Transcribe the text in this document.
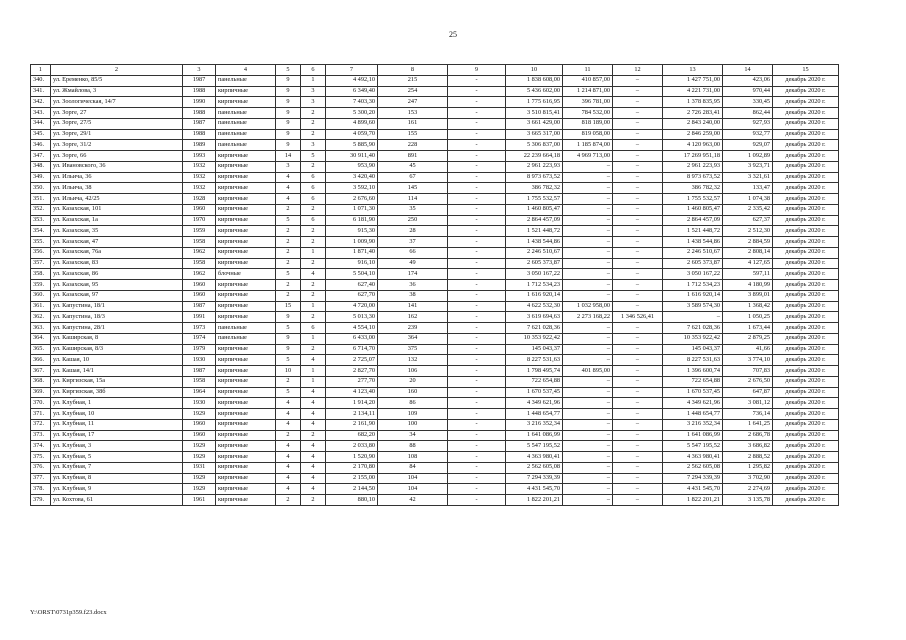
25
1	2	3	4	5	6	7	8	9	10	11	12	13	14	15
340.	ул. Еременко, 85/5	1987	панельные	9	1	4 492,10	215	-	1 838 608,00	410 857,00	–	1 427 751,00	423,06	декабрь 2020 г.
341.	ул. Жмайлова, 3	1988	кирпичные	9	3	6 349,40	254	-	5 436 602,00	1 214 871,00	–	4 221 731,00	970,44	декабрь 2020 г.
342.	ул. Зоологическая, 14/7	1990	кирпичные	9	3	7 403,30	247	-	1 775 616,95	396 781,00	–	1 378 835,95	330,45	декабрь 2020 г.
343.	ул. Зорге, 27	1988	панельные	9	2	5 300,20	153	-	3 510 815,41	784 532,00	–	2 726 283,41	862,44	декабрь 2020 г.
344.	ул. Зорге, 27/5	1987	панельные	9	2	4 899,60	161	-	3 661 429,00	818 189,00	–	2 843 240,00	927,93	декабрь 2020 г.
345.	ул. Зорге, 29/1	1988	панельные	9	2	4 059,70	155	-	3 665 317,00	819 058,00	–	2 846 259,00	932,77	декабрь 2020 г.
346.	ул. Зорге, 31/2	1989	панельные	9	3	5 885,90	228	-	5 306 837,00	1 185 874,00	–	4 120 963,00	929,07	декабрь 2020 г.
347.	ул. Зорге, 66	1993	кирпичные	14	5	30 911,40	891	-	22 239 664,18	4 969 713,00	–	17 269 951,18	1 092,89	декабрь 2020 г.
348.	ул. Ивановского, 36	1932	кирпичные	3	2	953,90	45	-	2 961 223,93	–	–	2 961 223,93	3 923,71	декабрь 2020 г.
349.	ул. Ильича, 36	1932	кирпичные	4	6	3 420,40	67	-	8 973 673,52	–	–	8 973 673,52	3 321,61	декабрь 2020 г.
350.	ул. Ильича, 38	1932	кирпичные	4	6	3 592,10	145	-	386 782,32	–	–	386 782,32	133,47	декабрь 2020 г.
351.	ул. Ильича, 42/25	1928	кирпичные	4	6	2 676,60	114	-	1 755 532,57	–	–	1 755 532,57	1 074,38	декабрь 2020 г.
352.	ул. Казахская, 101	1960	кирпичные	2	2	1 071,30	35	-	1 460 805,47	–	–	1 460 805,47	2 335,42	декабрь 2020 г.
353.	ул. Казахская, 1а	1970	кирпичные	5	6	6 181,90	250	-	2 864 457,09	–	–	2 864 457,09	627,37	декабрь 2020 г.
354.	ул. Казахская, 35	1959	кирпичные	2	2	915,30	28	-	1 521 448,72	–	–	1 521 448,72	2 512,30	декабрь 2020 г.
355.	ул. Казахская, 47	1958	кирпичные	2	2	1 009,90	37	-	1 438 544,86	–	–	1 438 544,86	2 884,59	декабрь 2020 г.
356.	ул. Казахская, 76а	1962	кирпичные	2	1	1 871,40	66	-	2 246 510,67	–	–	2 246 510,67	2 808,14	декабрь 2020 г.
357.	ул. Казахская, 83	1958	кирпичные	2	2	916,10	49	-	2 605 373,87	–	–	2 605 373,87	4 127,65	декабрь 2020 г.
358.	ул. Казахская, 86	1962	блочные	5	4	5 504,10	174	-	3 050 167,22	–	–	3 050 167,22	597,11	декабрь 2020 г.
359.	ул. Казахская, 95	1960	кирпичные	2	2	627,40	36	-	1 712 534,23	–	–	1 712 534,23	4 180,99	декабрь 2020 г.
360.	ул. Казахская, 97	1960	кирпичные	2	2	627,70	38	-	1 616 920,14	–	–	1 616 920,14	3 899,01	декабрь 2020 г.
361.	ул. Капустина, 18/1	1987	кирпичные	15	1	4 720,00	141	-	4 622 532,30	1 032 958,00	–	3 589 574,30	1 368,42	декабрь 2020 г.
362.	ул. Капустина, 18/3	1991	кирпичные	9	2	5 013,30	162	-	3 619 694,63	2 273 168,22	1 346 526,41	–	1 050,25	декабрь 2020 г.
363.	ул. Капустина, 28/1	1973	панельные	5	6	4 554,10	239	-	7 621 028,36	–	–	7 621 028,36	1 673,44	декабрь 2020 г.
364.	ул. Каширская, 8	1974	панельные	9	1	6 433,00	364	-	10 353 922,42	–	–	10 353 922,42	2 879,25	декабрь 2020 г.
365.	ул. Каширская, 8/3	1979	кирпичные	9	2	6 714,70	375	-	145 043,37	–	–	145 043,37	41,66	декабрь 2020 г.
366.	ул. Кашая, 10	1930	кирпичные	5	4	2 725,07	132	-	8 227 531,63	–	–	8 227 531,63	3 774,10	декабрь 2020 г.
367.	ул. Кашая, 14/1	1987	кирпичные	10	1	2 827,70	106	-	1 798 495,74	401 895,00	–	1 396 600,74	707,83	декабрь 2020 г.
368.	ул. Киргизская, 15а	1958	кирпичные	2	1	277,70	20	-	722 654,88	–	–	722 654,88	2 676,50	декабрь 2020 г.
369.	ул. Киргизская, 38б	1964	кирпичные	5	4	4 123,40	160	-	1 670 537,45	–	–	1 670 537,45	647,87	декабрь 2020 г.
370.	ул. Клубная, 1	1930	кирпичные	4	4	1 914,20	86	-	4 349 621,96	–	–	4 349 621,96	3 081,12	декабрь 2020 г.
371.	ул. Клубная, 10	1929	кирпичные	4	4	2 134,11	109	-	1 448 654,77	–	–	1 448 654,77	736,14	декабрь 2020 г.
372.	ул. Клубная, 11	1960	кирпичные	4	4	2 161,90	100	-	3 216 352,34	–	–	3 216 352,34	1 641,25	декабрь 2020 г.
373.	ул. Клубная, 17	1960	кирпичные	2	2	682,20	34	-	1 641 086,99	–	–	1 641 086,99	2 686,78	декабрь 2020 г.
374.	ул. Клубная, 3	1929	кирпичные	4	4	2 033,80	88	-	5 547 195,52	–	–	5 547 195,52	3 686,82	декабрь 2020 г.
375.	ул. Клубная, 5	1929	кирпичные	4	4	1 520,90	108	-	4 363 980,41	–	–	4 363 980,41	2 888,52	декабрь 2020 г.
376.	ул. Клубная, 7	1931	кирпичные	4	4	2 170,80	84	-	2 562 605,08	–	–	2 562 605,08	1 295,82	декабрь 2020 г.
377.	ул. Клубная, 8	1929	кирпичные	4	4	2 155,00	104	-	7 294 339,39	–	–	7 294 339,39	3 702,90	декабрь 2020 г.
378.	ул. Клубная, 9	1929	кирпичные	4	4	2 144,50	104	-	4 431 545,70	–	–	4 431 545,70	2 274,69	декабрь 2020 г.
379.	ул. Кохтова, 61	1961	кирпичные	2	2	880,10	42	-	1 822 201,21	–	–	1 822 201,21	3 135,78	декабрь 2020 г.
Y:\ORST\0731p359.f23.docx
